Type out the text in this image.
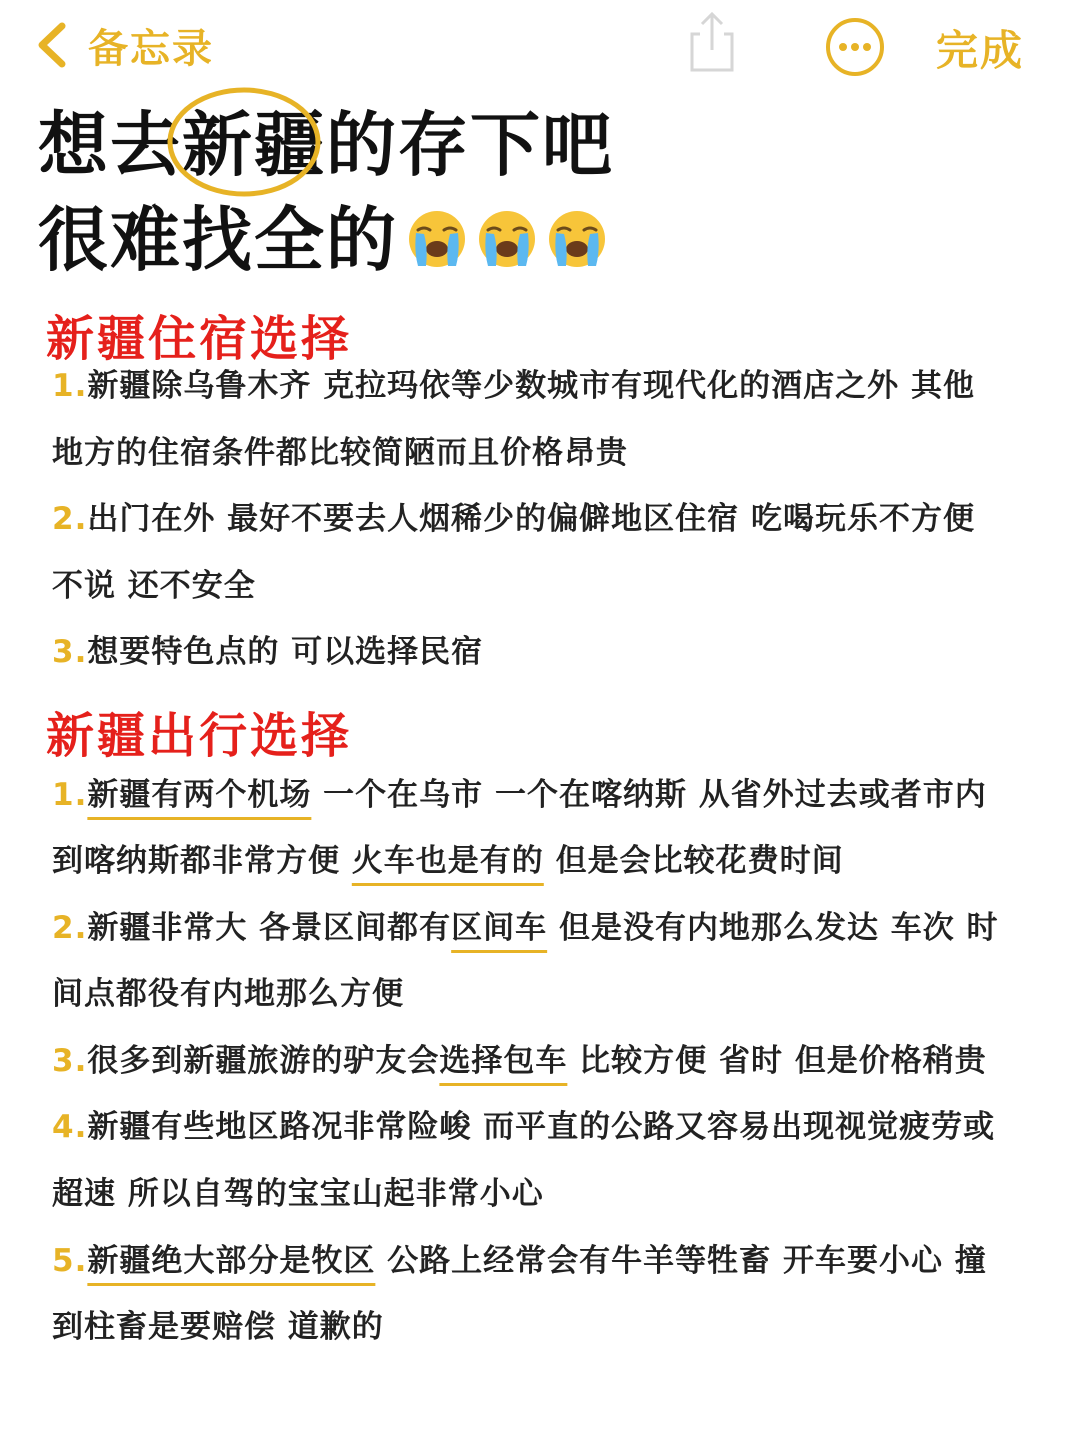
备忘录	完成
想去新疆
的存下吧
很难找全的
新疆住宿选择
1.新疆除乌鲁木齐 克拉玛依等少数城市有现代化的酒店之外 其他
地方的住宿条件都比较简陋而且价格昂贵
2.出门在外 最好不要去人烟稀少的偏僻地区住宿 吃喝玩乐不方便
不说 还不安全
3.想要特色点的 可以选择民宿
新疆出行选择
1.新疆有两个机场 一个在乌市 一个在喀纳斯 从省外过去或者市内
到喀纳斯都非常方便 火车也是有的 但是会比较花费时间
2.新疆非常大 各景区间都有区间车 但是没有内地那么发达 车次 时
间点都役有内地那么方便
3.很多到新疆旅游的驴友会选择包车 比较方便 省时 但是价格稍贵
4.新疆有些地区路况非常险峻 而平直的公路又容易出现视觉疲劳或
超速 所以自驾的宝宝山起非常小心
5.新疆绝大部分是牧区 公路上经常会有牛羊等牲畜 开车要小心 撞
到柱畜是要赔偿 道歉的
